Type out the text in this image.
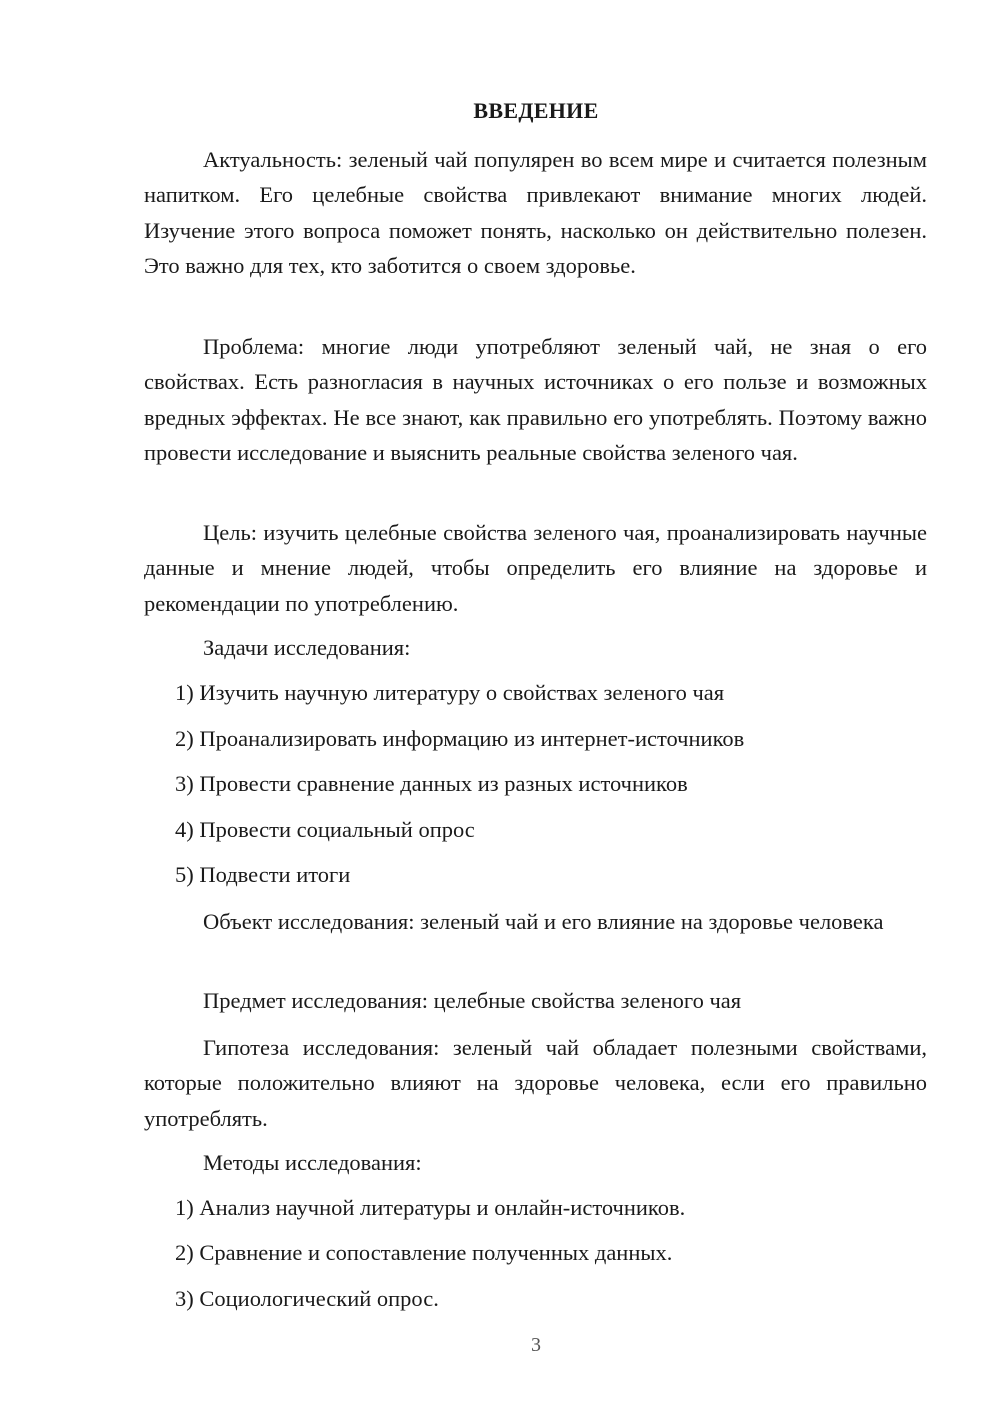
ВВЕДЕНИЕ

Актуальность: зеленый чай популярен во всем мире и считается полезным напитком. Его целебные свойства привлекают внимание многих людей. Изучение этого вопроса поможет понять, насколько он действительно полезен. Это важно для тех, кто заботится о своем здоровье.

Проблема: многие люди употребляют зеленый чай, не зная о его свойствах. Есть разногласия в научных источниках о его пользе и возможных вредных эффектах. Не все знают, как правильно его употреблять. Поэтому важно провести исследование и выяснить реальные свойства зеленого чая.

Цель: изучить целебные свойства зеленого чая, проанализировать научные данные и мнение людей, чтобы определить его влияние на здоровье и рекомендации по употреблению.

Задачи исследования:

1) Изучить научную литературу о свойствах зеленого чая

2) Проанализировать информацию из интернет-источников

3) Провести сравнение данных из разных источников

4) Провести социальный опрос

5) Подвести итоги

Объект исследования: зеленый чай и его влияние на здоровье человека

Предмет исследования: целебные свойства зеленого чая

Гипотеза исследования: зеленый чай обладает полезными свойствами, которые положительно влияют на здоровье человека, если его правильно употреблять.

Методы исследования:

1) Анализ научной литературы и онлайн-источников.

2) Сравнение и сопоставление полученных данных.

3) Социологический опрос.

3
